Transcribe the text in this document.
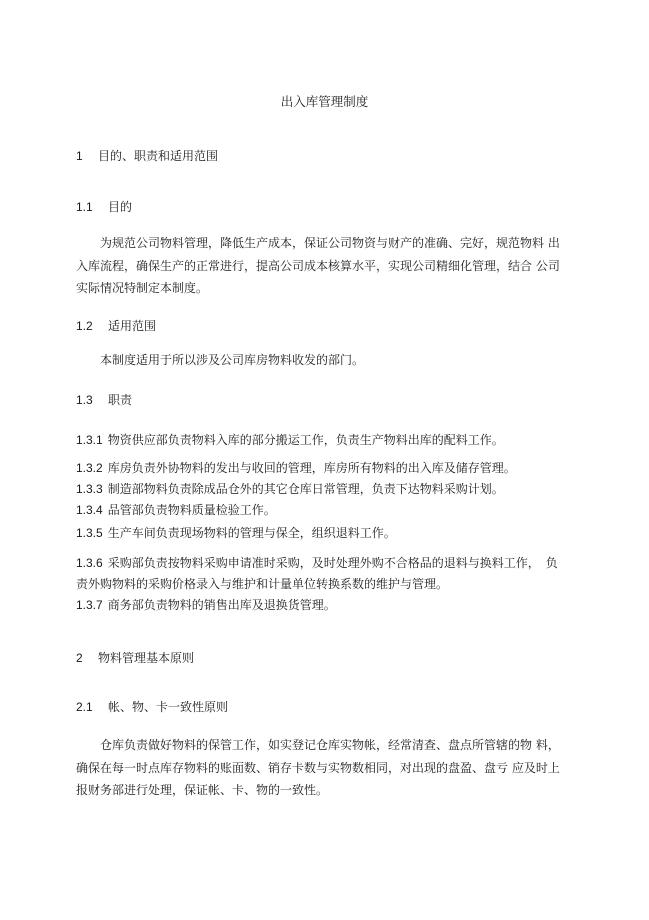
出入库管理制度

1 目的、职责和适用范围

1.1 目的

为规范公司物料管理，降低生产成本，保证公司物资与财产的准确、完好，规范物料 出
入库流程，确保生产的正常进行，提高公司成本核算水平，实现公司精细化管理，结合 公司
实际情况特制定本制度。

1.2 适用范围

本制度适用于所以涉及公司库房物料收发的部门。

1.3 职责

1.3.1 物资供应部负责物料入库的部分搬运工作，负责生产物料出库的配料工作。

1.3.2 库房负责外协物料的发出与收回的管理，库房所有物料的出入库及储存管理。

1.3.3 制造部物料负责除成品仓外的其它仓库日常管理，负责下达物料采购计划。

1.3.4 品管部负责物料质量检验工作。

1.3.5 生产车间负责现场物料的管理与保全，组织退料工作。

1.3.6 采购部负责按物料采购申请准时采购，及时处理外购不合格品的退料与换料工作，　负

责外购物料的采购价格录入与维护和计量单位转换系数的维护与管理。

1.3.7 商务部负责物料的销售出库及退换货管理。

2 物料管理基本原则

2.1 帐、物、卡一致性原则

仓库负责做好物料的保管工作，如实登记仓库实物帐，经常清查、盘点所管辖的物 料，
确保在每一时点库存物料的账面数、销存卡数与实物数相同，对出现的盘盈、盘亏 应及时上
报财务部进行处理，保证帐、卡、物的一致性。
